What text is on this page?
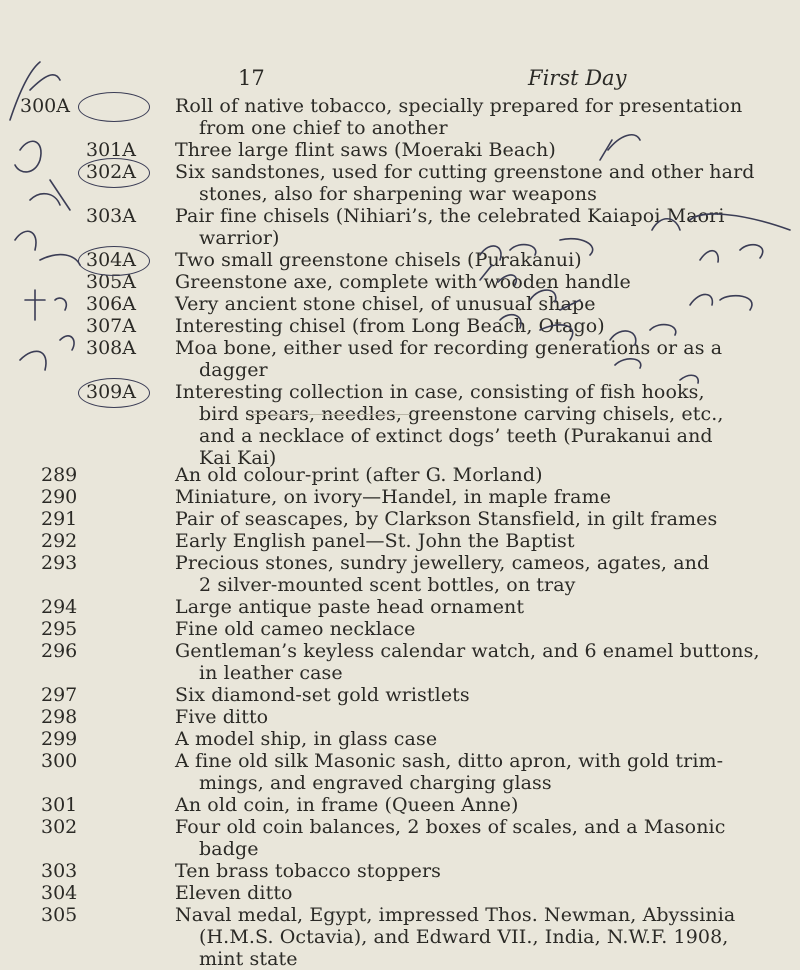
17	First Day
300A	Roll of native tobacco, specially prepared for presentation
from one chief to another
301A Three large flint saws (Moeraki Beach)
302A Six sandstones, used for cutting greenstone and other hard
stones, also for sharpening war weapons
303A Pair fine chisels (Nihiari’s, the celebrated Kaiapoi Maori
warrior)
304A Two small greenstone chisels (Purakanui)
305A Greenstone axe, complete with wooden handle
306A Very ancient stone chisel, of unusual shape
307A Interesting chisel (from Long Beach, Otago)
308A Moa bone, either used for recording generations or as a
dagger
309A Interesting collection in case, consisting of fish hooks,
bird spears, needles, greenstone carving chisels, etc.,
and a necklace of extinct dogs’ teeth (Purakanui and
Kai Kai)
289	An old colour-print (after G. Morland)
290	Miniature, on ivory—Handel, in maple frame
291	Pair of seascapes, by Clarkson Stansfield, in gilt frames
292	Early English panel—St. John the Baptist
293	Precious stones, sundry jewellery, cameos, agates, and
2 silver-mounted scent bottles, on tray
294	Large antique paste head ornament
295	Fine old cameo necklace
296	Gentleman’s keyless calendar watch, and 6 enamel buttons,
in leather case
297	Six diamond-set gold wristlets
298	Five ditto
299	A model ship, in glass case
300	A fine old silk Masonic sash, ditto apron, with gold trim-
mings, and engraved charging glass
301	An old coin, in frame (Queen Anne)
302	Four old coin balances, 2 boxes of scales, and a Masonic
badge
303	Ten brass tobacco stoppers
304	Eleven ditto
305	Naval medal, Egypt, impressed Thos. Newman, Abyssinia
(H.M.S. Octavia), and Edward VII., India, N.W.F. 1908,
mint state
